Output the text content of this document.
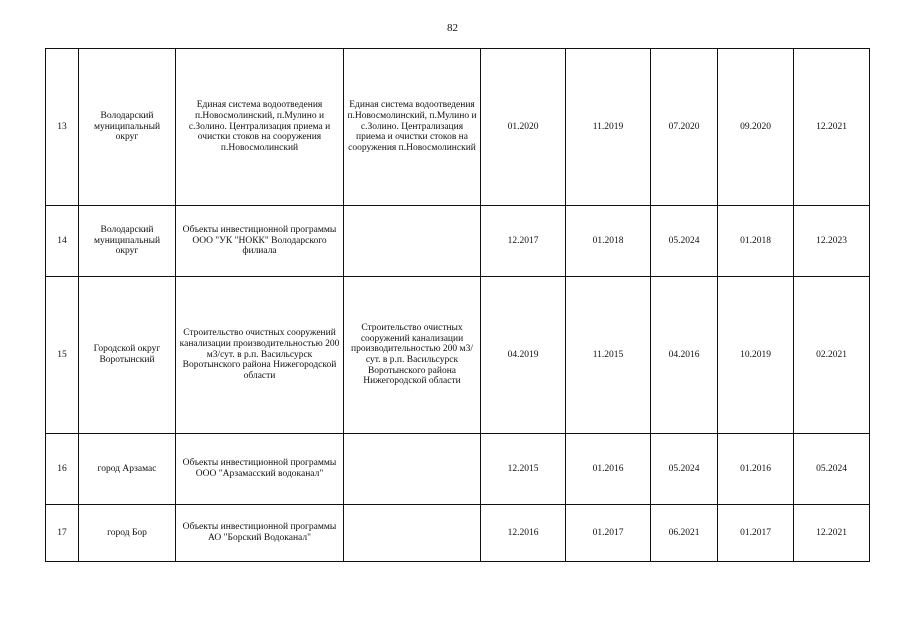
82
13	Володарский муниципальный округ	Единая система водоотведения п.Новосмолинский, п.Мулино и с.Золино. Централизация приема и очистки стоков на сооружения п.Новосмолинский	Единая система водоотведения п.Новосмолинский, п.Мулино и с.Золино. Централизация приема и очистки стоков на сооружения п.Новосмолинский	01.2020	11.2019	07.2020	09.2020	12.2021
14	Володарский муниципальный округ	Объекты инвестиционной программы ООО "УК "НОКК" Володарского филиала		12.2017	01.2018	05.2024	01.2018	12.2023
15	Городской округ Воротынский	Строительство очистных сооружений канализации производительностью 200 м3/сут. в р.п. Васильсурск Воротынского района Нижегородской области	Строительство очистных сооружений канализации производительностью 200 м3/сут. в р.п. Васильсурск Воротынского района Нижегородской области	04.2019	11.2015	04.2016	10.2019	02.2021
16	город Арзамас	Объекты инвестиционной программы ООО "Арзамасский водоканал"		12.2015	01.2016	05.2024	01.2016	05.2024
17	город Бор	Объекты инвестиционной программы АО "Борский Водоканал"		12.2016	01.2017	06.2021	01.2017	12.2021
